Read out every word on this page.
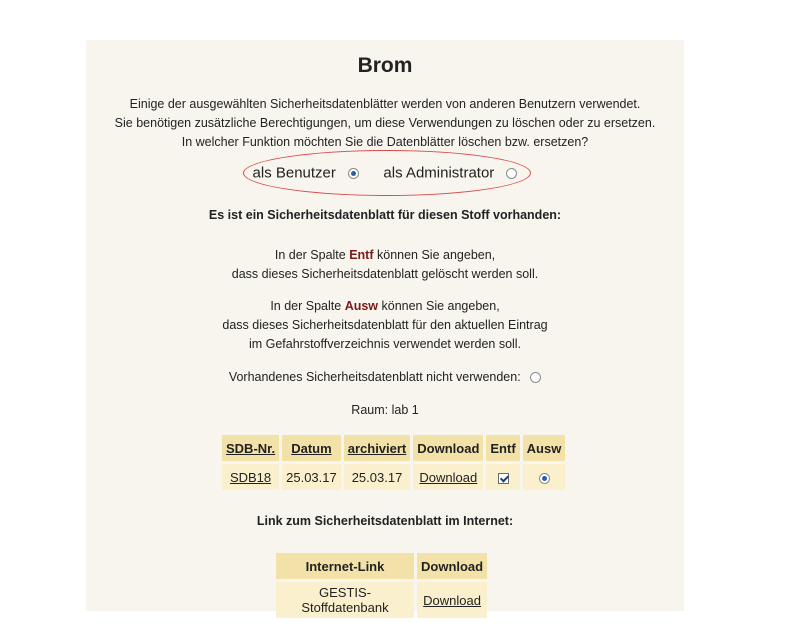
Brom
Einige der ausgewählten Sicherheitsdatenblätter werden von anderen Benutzern verwendet.
Sie benötigen zusätzliche Berechtigungen, um diese Verwendungen zu löschen oder zu ersetzen.
In welcher Funktion möchten Sie die Datenblätter löschen bzw. ersetzen?
als Benutzer	als Administrator
Es ist ein Sicherheitsdatenblatt für diesen Stoff vorhanden:
In der Spalte Entf können Sie angeben,
dass dieses Sicherheitsdatenblatt gelöscht werden soll.
In der Spalte Ausw können Sie angeben,
dass dieses Sicherheitsdatenblatt für den aktuellen Eintrag
im Gefahrstoffverzeichnis verwendet werden soll.
Vorhandenes Sicherheitsdatenblatt nicht verwenden:
Raum: lab 1
SDB-Nr.	Datum	archiviert	Download	Entf	Ausw
SDB18	25.03.17	25.03.17	Download		
Link zum Sicherheitsdatenblatt im Internet:
Internet-Link	Download
GESTIS-Stoffdatenbank	Download
